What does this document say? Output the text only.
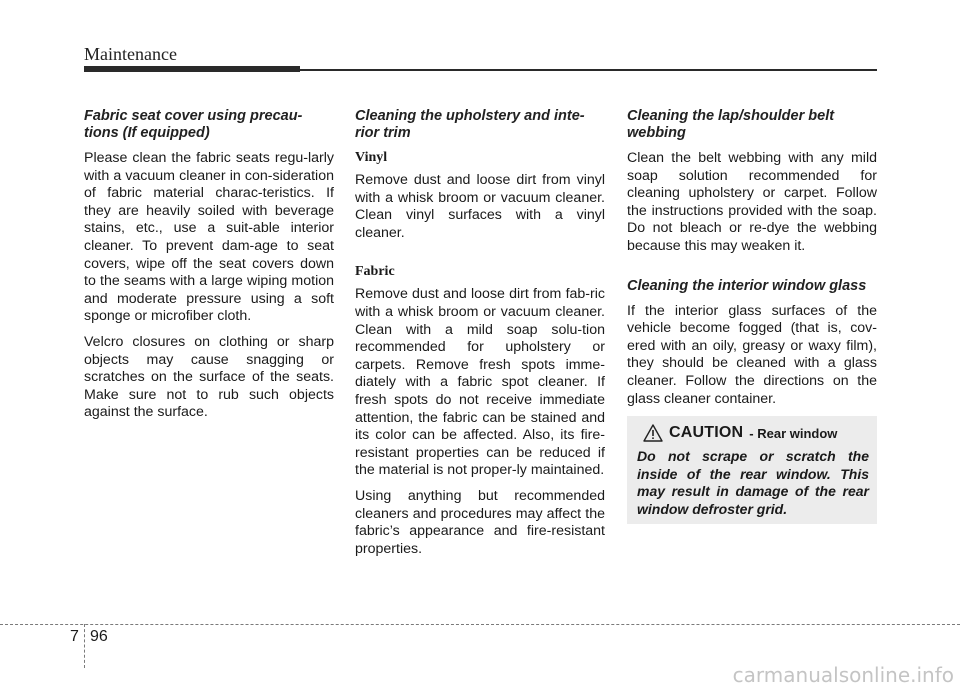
Maintenance
Fabric seat cover using precau-tions (If equipped)

Please clean the fabric seats regu-larly with a vacuum cleaner in con-sideration of fabric material charac-teristics. If they are heavily soiled with beverage stains, etc., use a suit-able interior cleaner. To prevent dam-age to seat covers, wipe off the seat covers down to the seams with a large wiping motion and moderate pressure using a soft sponge or microfiber cloth.

Velcro closures on clothing or sharp objects may cause snagging or scratches on the surface of the seats. Make sure not to rub such objects against the surface.

Cleaning the upholstery and inte-rior trim
Vinyl

Remove dust and loose dirt from vinyl with a whisk broom or vacuum cleaner. Clean vinyl surfaces with a vinyl cleaner.

Fabric

Remove dust and loose dirt from fab-ric with a whisk broom or vacuum cleaner. Clean with a mild soap solu-tion recommended for upholstery or carpets. Remove fresh spots imme-diately with a fabric spot cleaner. If fresh spots do not receive immediate attention, the fabric can be stained and its color can be affected. Also, its fire-resistant properties can be reduced if the material is not proper-ly maintained.

Using anything but recommended cleaners and procedures may affect the fabric’s appearance and fire-resistant properties.

Cleaning the lap/shoulder belt webbing

Clean the belt webbing with any mild soap solution recommended for cleaning upholstery or carpet. Follow the instructions provided with the soap. Do not bleach or re-dye the webbing because this may weaken it.

Cleaning the interior window glass

If the interior glass surfaces of the vehicle become fogged (that is, cov-ered with an oily, greasy or waxy film), they should be cleaned with a glass cleaner. Follow the directions on the glass cleaner container.

CAUTION - Rear window
Do not scrape or scratch the inside of the rear window. This may result in damage of the rear window defroster grid.
7 96
carmanualsonline.info
